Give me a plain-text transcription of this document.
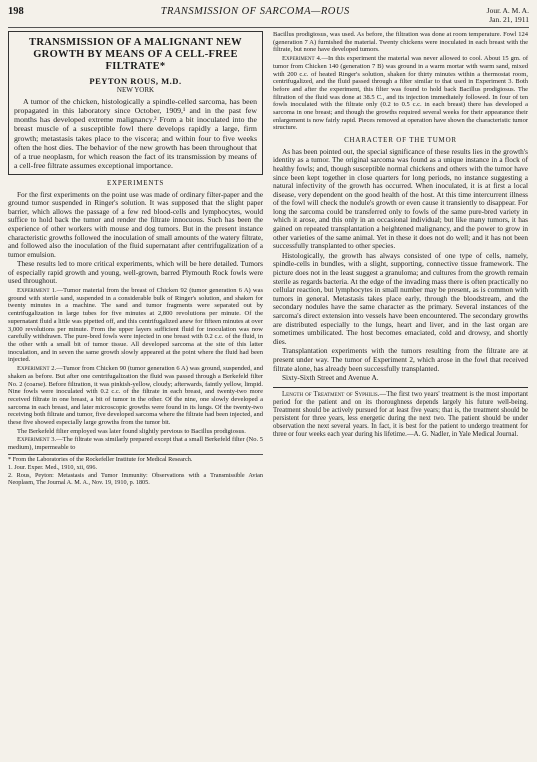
198	TRANSMISSION OF SARCOMA—ROUS	Jour. A. M. A.
Jan. 21, 1911
TRANSMISSION OF A MALIGNANT NEW GROWTH BY MEANS OF A CELL-FREE FILTRATE*
PEYTON ROUS, M.D.
NEW YORK

A tumor of the chicken, histologically a spindle-celled sarcoma, has been propagated in this laboratory since October, 1909,¹ and in the past few months has developed extreme malignancy.² From a bit inoculated into the breast muscle of a susceptible fowl there develops rapidly a large, firm growth; metastasis takes place to the viscera; and within four to five weeks often the host dies. The behavior of the new growth has been throughout that of a true neoplasm, for which reason the fact of its transmission by means of a cell-free filtrate assumes exceptional importance.

EXPERIMENTS

For the first experiments on the point use was made of ordinary filter-paper and the ground tumor suspended in Ringer's solution. It was supposed that the slight paper barrier, which allows the passage of a few red blood-cells and lymphocytes, would suffice to hold back the tumor and render the filtrate innocuous. Such has been the experience of other workers with mouse and dog tumors. But in the present instance characteristic growths followed the inoculation of small amounts of the watery filtrate, and followed also the inoculation of the fluid supernatant after centrifugalization of a tumor emulsion.

These results led to more critical experiments, which will be here detailed. Tumors of especially rapid growth and young, well-grown, barred Plymouth Rock fowls were used throughout.

Experiment 1.—Tumor material from the breast of Chicken 92 (tumor generation 6 A) was ground with sterile sand, suspended in a considerable bulk of Ringer's solution, and shaken for twenty minutes in a machine. The sand and tumor fragments were separated out by centrifugalization in large tubes for five minutes at 2,800 revolutions per minute. Of the supernatant fluid a little was pipetted off, and this centrifugalized anew for fifteen minutes at over 3,000 revolutions per minute. From the upper layers sufficient fluid for inoculation was now carefully withdrawn. The pure-bred fowls were injected in one breast with 0.2 c.c. of the fluid, in the other with a small bit of tumor tissue. All developed sarcoma at the site of this latter inoculation, and in seven the same growth slowly appeared at the point where the fluid had been injected.

Experiment 2.—Tumor from Chicken 90 (tumor generation 6 A) was ground, suspended, and shaken as before. But after one centrifugalization the fluid was passed through a Berkefeld filter No. 2 (coarse). Before filtration, it was pinkish-yellow, cloudy; afterwards, faintly yellow, limpid. Nine fowls were inoculated with 0.2 c.c. of the filtrate in each breast, and twenty-two more received filtrate in one breast, a bit of tumor in the other. Of the nine, one slowly developed a sarcoma in each breast, and later microscopic growths were found in its lungs. Of the twenty-two receiving both filtrate and tumor, five developed sarcoma where the filtrate had been injected, and these five showed especially large growths from the tumor bit.

The Berkefeld filter employed was later found slightly pervious to Bacillus prodigiosus.

Experiment 3.—The filtrate was similarly prepared except that a small Berkefeld filter (No. 5 medium), impermeable to

* From the Laboratories of the Rockefeller Institute for Medical Research.
1. Jour. Exper. Med., 1910, xii, 696.
2. Rous, Peyton: Metastasis and Tumor Immunity: Observations with a Transmissible Avian Neoplasm, The Journal A. M. A., Nov. 19, 1910, p. 1805.

Bacillus prodigiosus, was used. As before, the filtration was done at room temperature. Fowl 124 (generation 7 A) furnished the material. Twenty chickens were inoculated in each breast with the filtrate, but none have developed tumors.

Experiment 4.—In this experiment the material was never allowed to cool. About 15 gm. of tumor from Chicken 140 (generation 7 B) was ground in a warm mortar with warm sand, mixed with 200 c.c. of heated Ringer's solution, shaken for thirty minutes within a thermostat room, centrifugalized, and the fluid passed through a filter similar to that used in Experiment 3. Both before and after the experiment, this filter was found to hold back Bacillus prodigiosus. The filtration of the fluid was done at 38.5 C., and its injection immediately followed. In four of ten fowls inoculated with the filtrate only (0.2 to 0.5 c.c. in each breast) there has developed a sarcoma in one breast; and though the growths required several weeks for their appearance their enlargement is now fairly rapid. Pieces removed at operation have shown the characteristic tumor structure.

CHARACTER OF THE TUMOR

As has been pointed out, the special significance of these results lies in the growth's identity as a tumor. The original sarcoma was found as a unique instance in a flock of healthy fowls; and, though susceptible normal chickens and others with the tumor have since been kept together in close quarters for long periods, no instance suggesting a natural infectivity of the growth has occurred. When inoculated, it is at first a local disease, very dependent on the good health of the host. At this time intercurrent illness of the fowl will check the nodule's growth or even cause it transiently to disappear. For long the sarcoma could be transferred only to fowls of the same pure-bred variety in which it arose, and this only in an occasional individual; but like many tumors, it has gained on repeated transplantation a heightened malignancy, and the power to grow in other varieties of the same animal. Yet in these it does not do well; and it has not been successfully transplanted to other species.

Histologically, the growth has always consisted of one type of cells, namely, spindle-cells in bundles, with a slight, supporting, connective tissue framework. The picture does not in the least suggest a granuloma; and cultures from the growth remain sterile as regards bacteria. At the edge of the invading mass there is often practically no cellular reaction, but lymphocytes in small number may be present, as is common with tumors in general. Metastasis takes place early, through the bloodstream, and the secondary nodules have the same character as the primary. Several instances of the sarcoma's direct extension into vessels have been encountered. The secondary growths are distributed especially to the lungs, heart and liver, and in the last organ are sometimes umbilicated. The host becomes emaciated, cold and drowsy, and shortly dies.

Transplantation experiments with the tumors resulting from the filtrate are at present under way. The tumor of Experiment 2, which arose in the fowl that received filtrate alone, has already been successfully transplanted.

Sixty-Sixth Street and Avenue A.

Length of Treatment of Syphilis.—The first two years' treatment is the most important period for the patient and on its thoroughness depends largely his future well-being. Treatment should be actively pursued for at least five years; that is, the treatment should be persistent for three years, less energetic during the next two. The patient should be under observation the next several years. In fact, it is best for the patient to undergo treatment for three or four weeks each year during his lifetime.—A. G. Nadler, in Yale Medical Journal.
